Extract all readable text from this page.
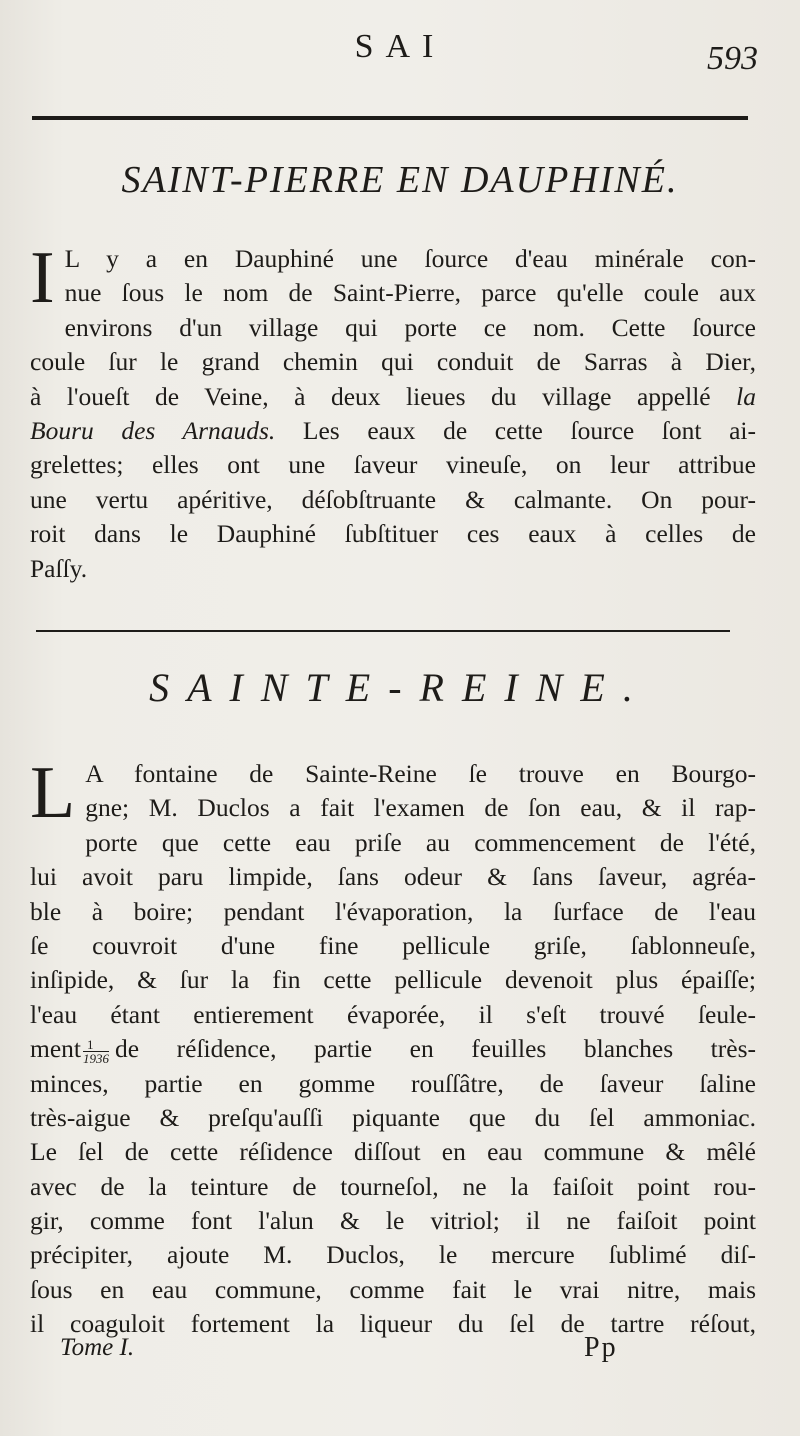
SAI	593
SAINT-PIERRE EN DAUPHINÉ.
I L y a en Dauphiné une ſource d'eau minérale con-
nue ſous le nom de Saint-Pierre, parce qu'elle coule aux
environs d'un village qui porte ce nom. Cette ſource
coule ſur le grand chemin qui conduit de Sarras à Dier,
à l'oueſt de Veine, à deux lieues du village appellé la
Bouru des Arnauds. Les eaux de cette ſource ſont ai-
grelettes; elles ont une ſaveur vineuſe, on leur attribue
une vertu apéritive, déſobſtruante & calmante. On pour-
roit dans le Dauphiné ſubſtituer ces eaux à celles de
Paſſy.
SAINTE-REINE.
L A fontaine de Sainte-Reine ſe trouve en Bourgo-
gne; M. Duclos a fait l'examen de ſon eau, & il rap-
porte que cette eau priſe au commencement de l'été,
lui avoit paru limpide, ſans odeur & ſans ſaveur, agréa-
ble à boire; pendant l'évaporation, la ſurface de l'eau
ſe couvroit d'une fine pellicule griſe, ſablonneuſe,
inſipide, & ſur la fin cette pellicule devenoit plus épaiſſe;
l'eau étant entierement évaporée, il s'eſt trouvé ſeule-
ment $\frac{1}{1936}$ de réſidence, partie en feuilles blanches très-
minces, partie en gomme rouſſâtre, de ſaveur ſaline
très-aigue & preſqu'auſſi piquante que du ſel ammoniac.
Le ſel de cette réſidence diſſout en eau commune & mêlé
avec de la teinture de tourneſol, ne la faiſoit point rou-
gir, comme font l'alun & le vitriol; il ne faiſoit point
précipiter, ajoute M. Duclos, le mercure ſublimé diſ-
ſous en eau commune, comme fait le vrai nitre, mais
il coaguloit fortement la liqueur du ſel de tartre réſout,
Tome I.	Pp
